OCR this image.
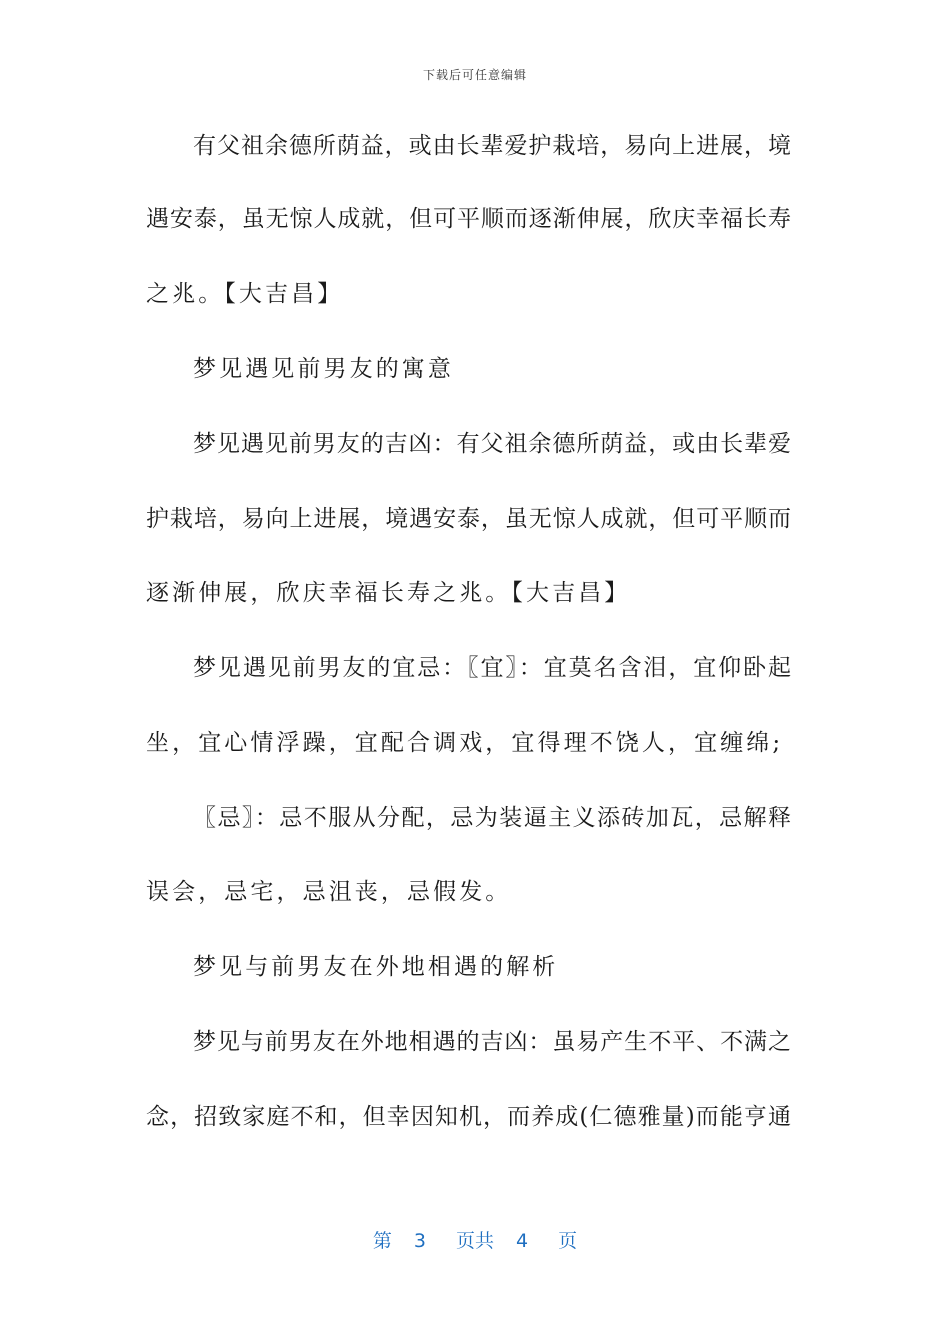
下载后可任意编辑
有父祖余德所荫益，或由长辈爱护栽培，易向上进展，境
遇安泰，虽无惊人成就，但可平顺而逐渐伸展，欣庆幸福长寿
之兆。【大吉昌】
梦见遇见前男友的寓意
梦见遇见前男友的吉凶：有父祖余德所荫益，或由长辈爱
护栽培，易向上进展，境遇安泰，虽无惊人成就，但可平顺而
逐渐伸展，欣庆幸福长寿之兆。【大吉昌】
梦见遇见前男友的宜忌：〖宜〗：宜莫名含泪，宜仰卧起
坐，宜心情浮躁，宜配合调戏，宜得理不饶人，宜缠绵;
〖忌〗：忌不服从分配，忌为装逼主义添砖加瓦，忌解释
误会，忌宅，忌沮丧，忌假发。
梦见与前男友在外地相遇的解析
梦见与前男友在外地相遇的吉凶：虽易产生不平、不满之
念，招致家庭不和，但幸因知机，而养成(仁德雅量)而能亨通
第 3 页共 4 页
